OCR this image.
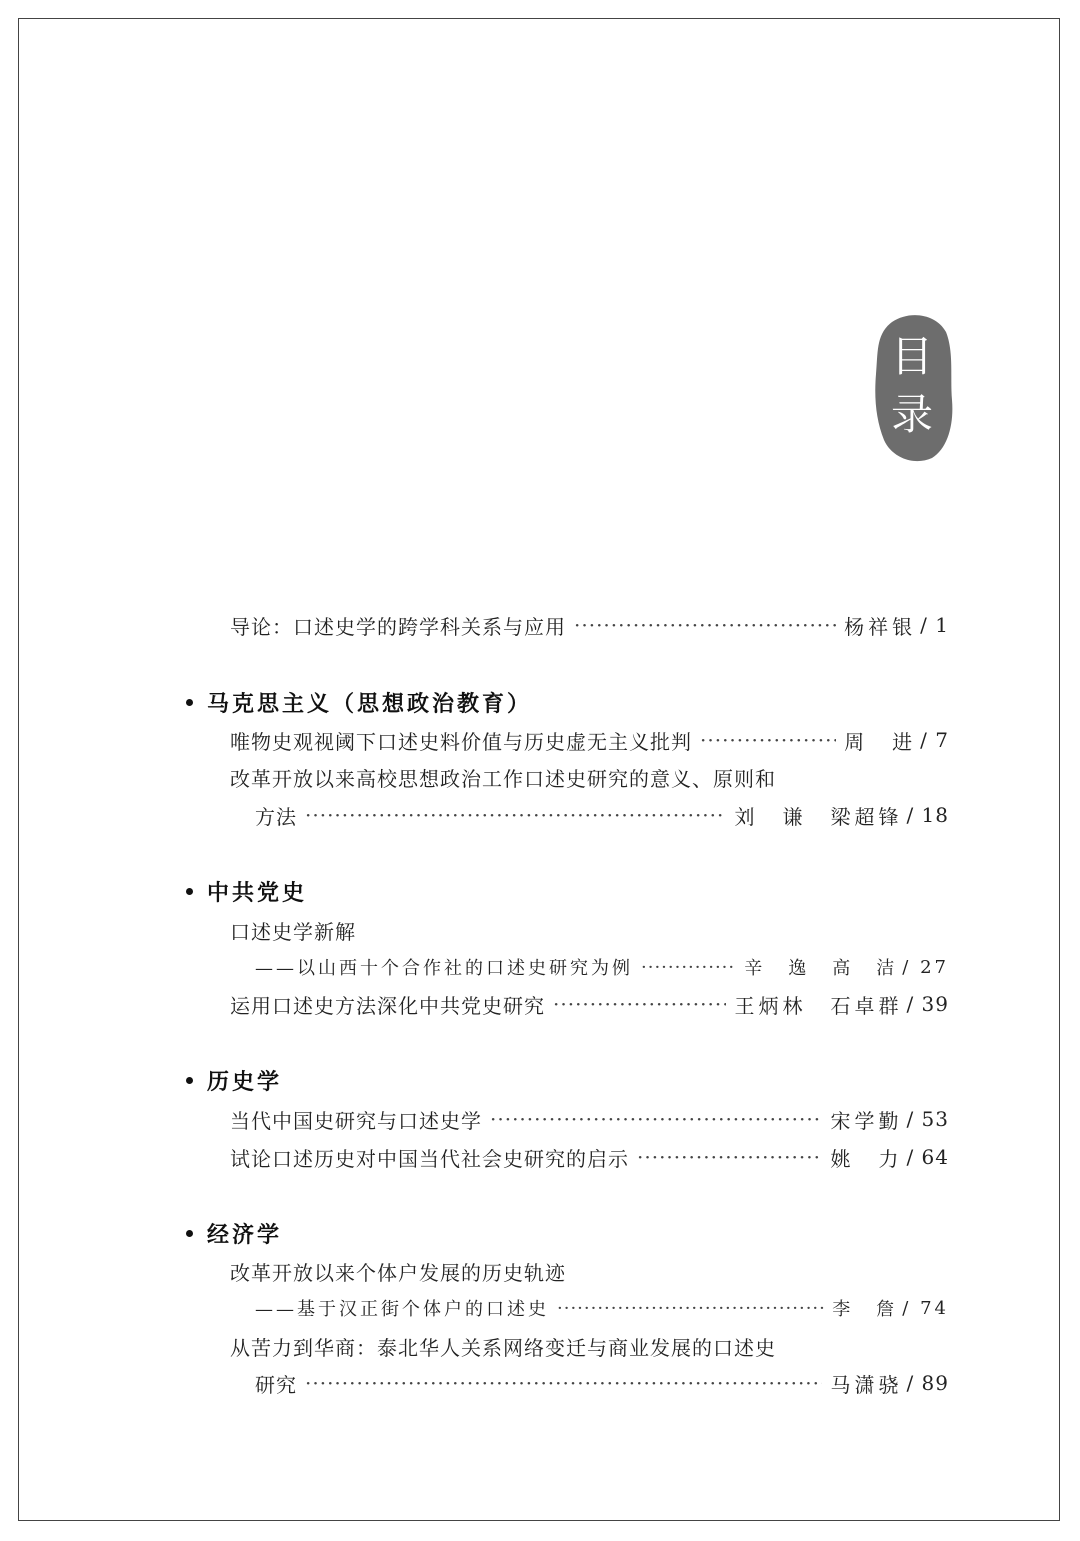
目
录
导论：口述史学的跨学科关系与应用 ·····	杨祥银 / 1
马克思主义（思想政治教育）
唯物史观视阈下口述史料价值与历史虚无主义批判 ·····	周　进 / 7
改革开放以来高校思想政治工作口述史研究的意义、原则和
方法 ·····	刘　谦　梁超锋 / 18
中共党史
口述史学新解
——以山西十个合作社的口述史研究为例 ·····	辛　逸　高　洁 / 27
运用口述史方法深化中共党史研究 ·····	王炳林　石卓群 / 39
历史学
当代中国史研究与口述史学 ·····	宋学勤 / 53
试论口述历史对中国当代社会史研究的启示 ·····	姚　力 / 64
经济学
改革开放以来个体户发展的历史轨迹
——基于汉正街个体户的口述史 ·····	李　詹 / 74
从苦力到华商：泰北华人关系网络变迁与商业发展的口述史
研究 ·····	马潇骁 / 89
